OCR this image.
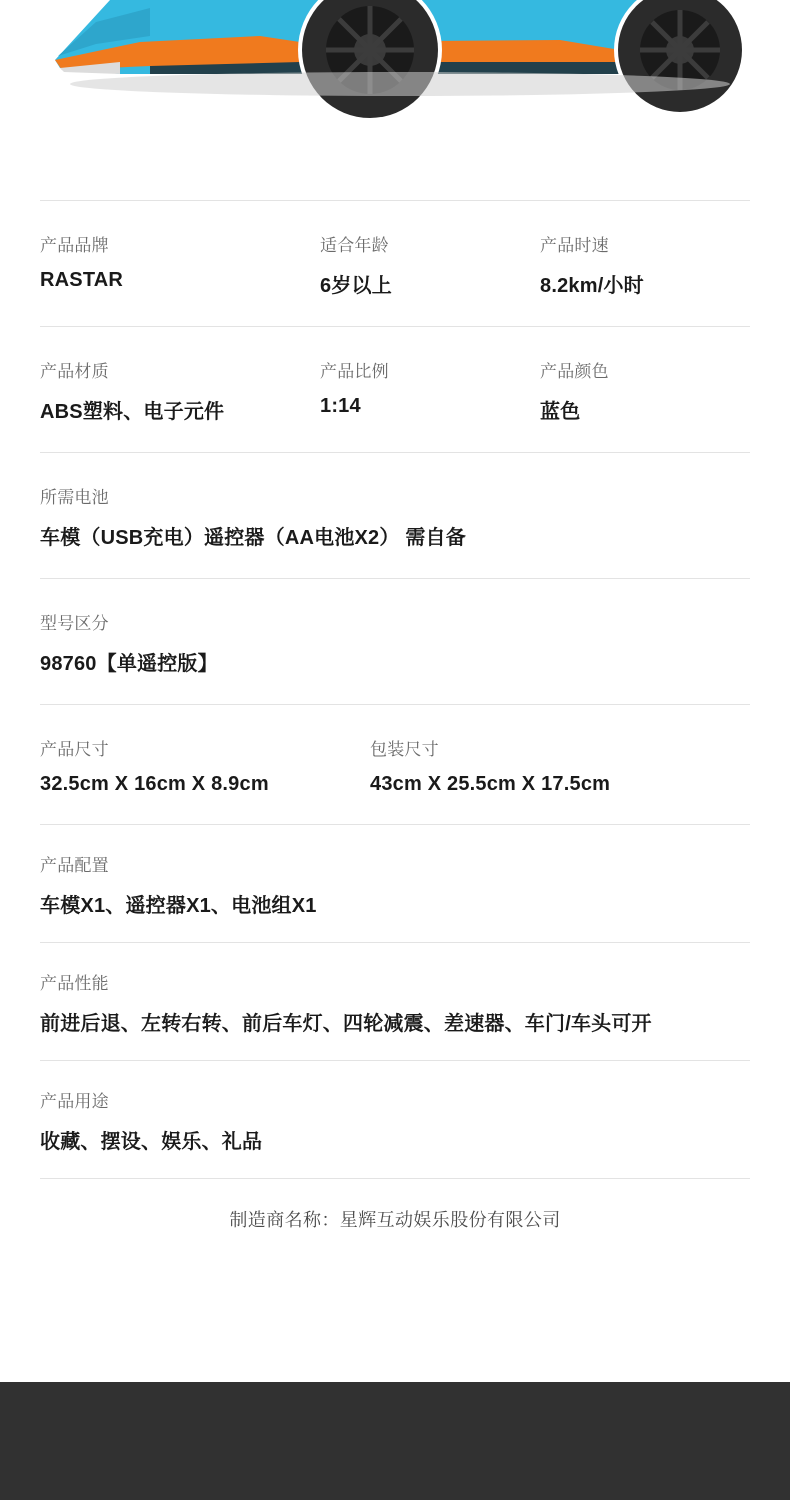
产品品牌
RASTAR
适合年龄
6岁以上
产品时速
8.2km/小时
产品材质
ABS塑料、电子元件
产品比例
1:14
产品颜色
蓝色
所需电池
车模（USB充电）遥控器（AA电池X2） 需自备
型号区分
98760【单遥控版】
产品尺寸
32.5cm X 16cm X 8.9cm
包装尺寸
43cm X 25.5cm X 17.5cm
产品配置
车模X1、遥控器X1、电池组X1
产品性能
前进后退、左转右转、前后车灯、四轮减震、差速器、车门/车头可开
产品用途
收藏、摆设、娱乐、礼品
制造商名称：星辉互动娱乐股份有限公司
